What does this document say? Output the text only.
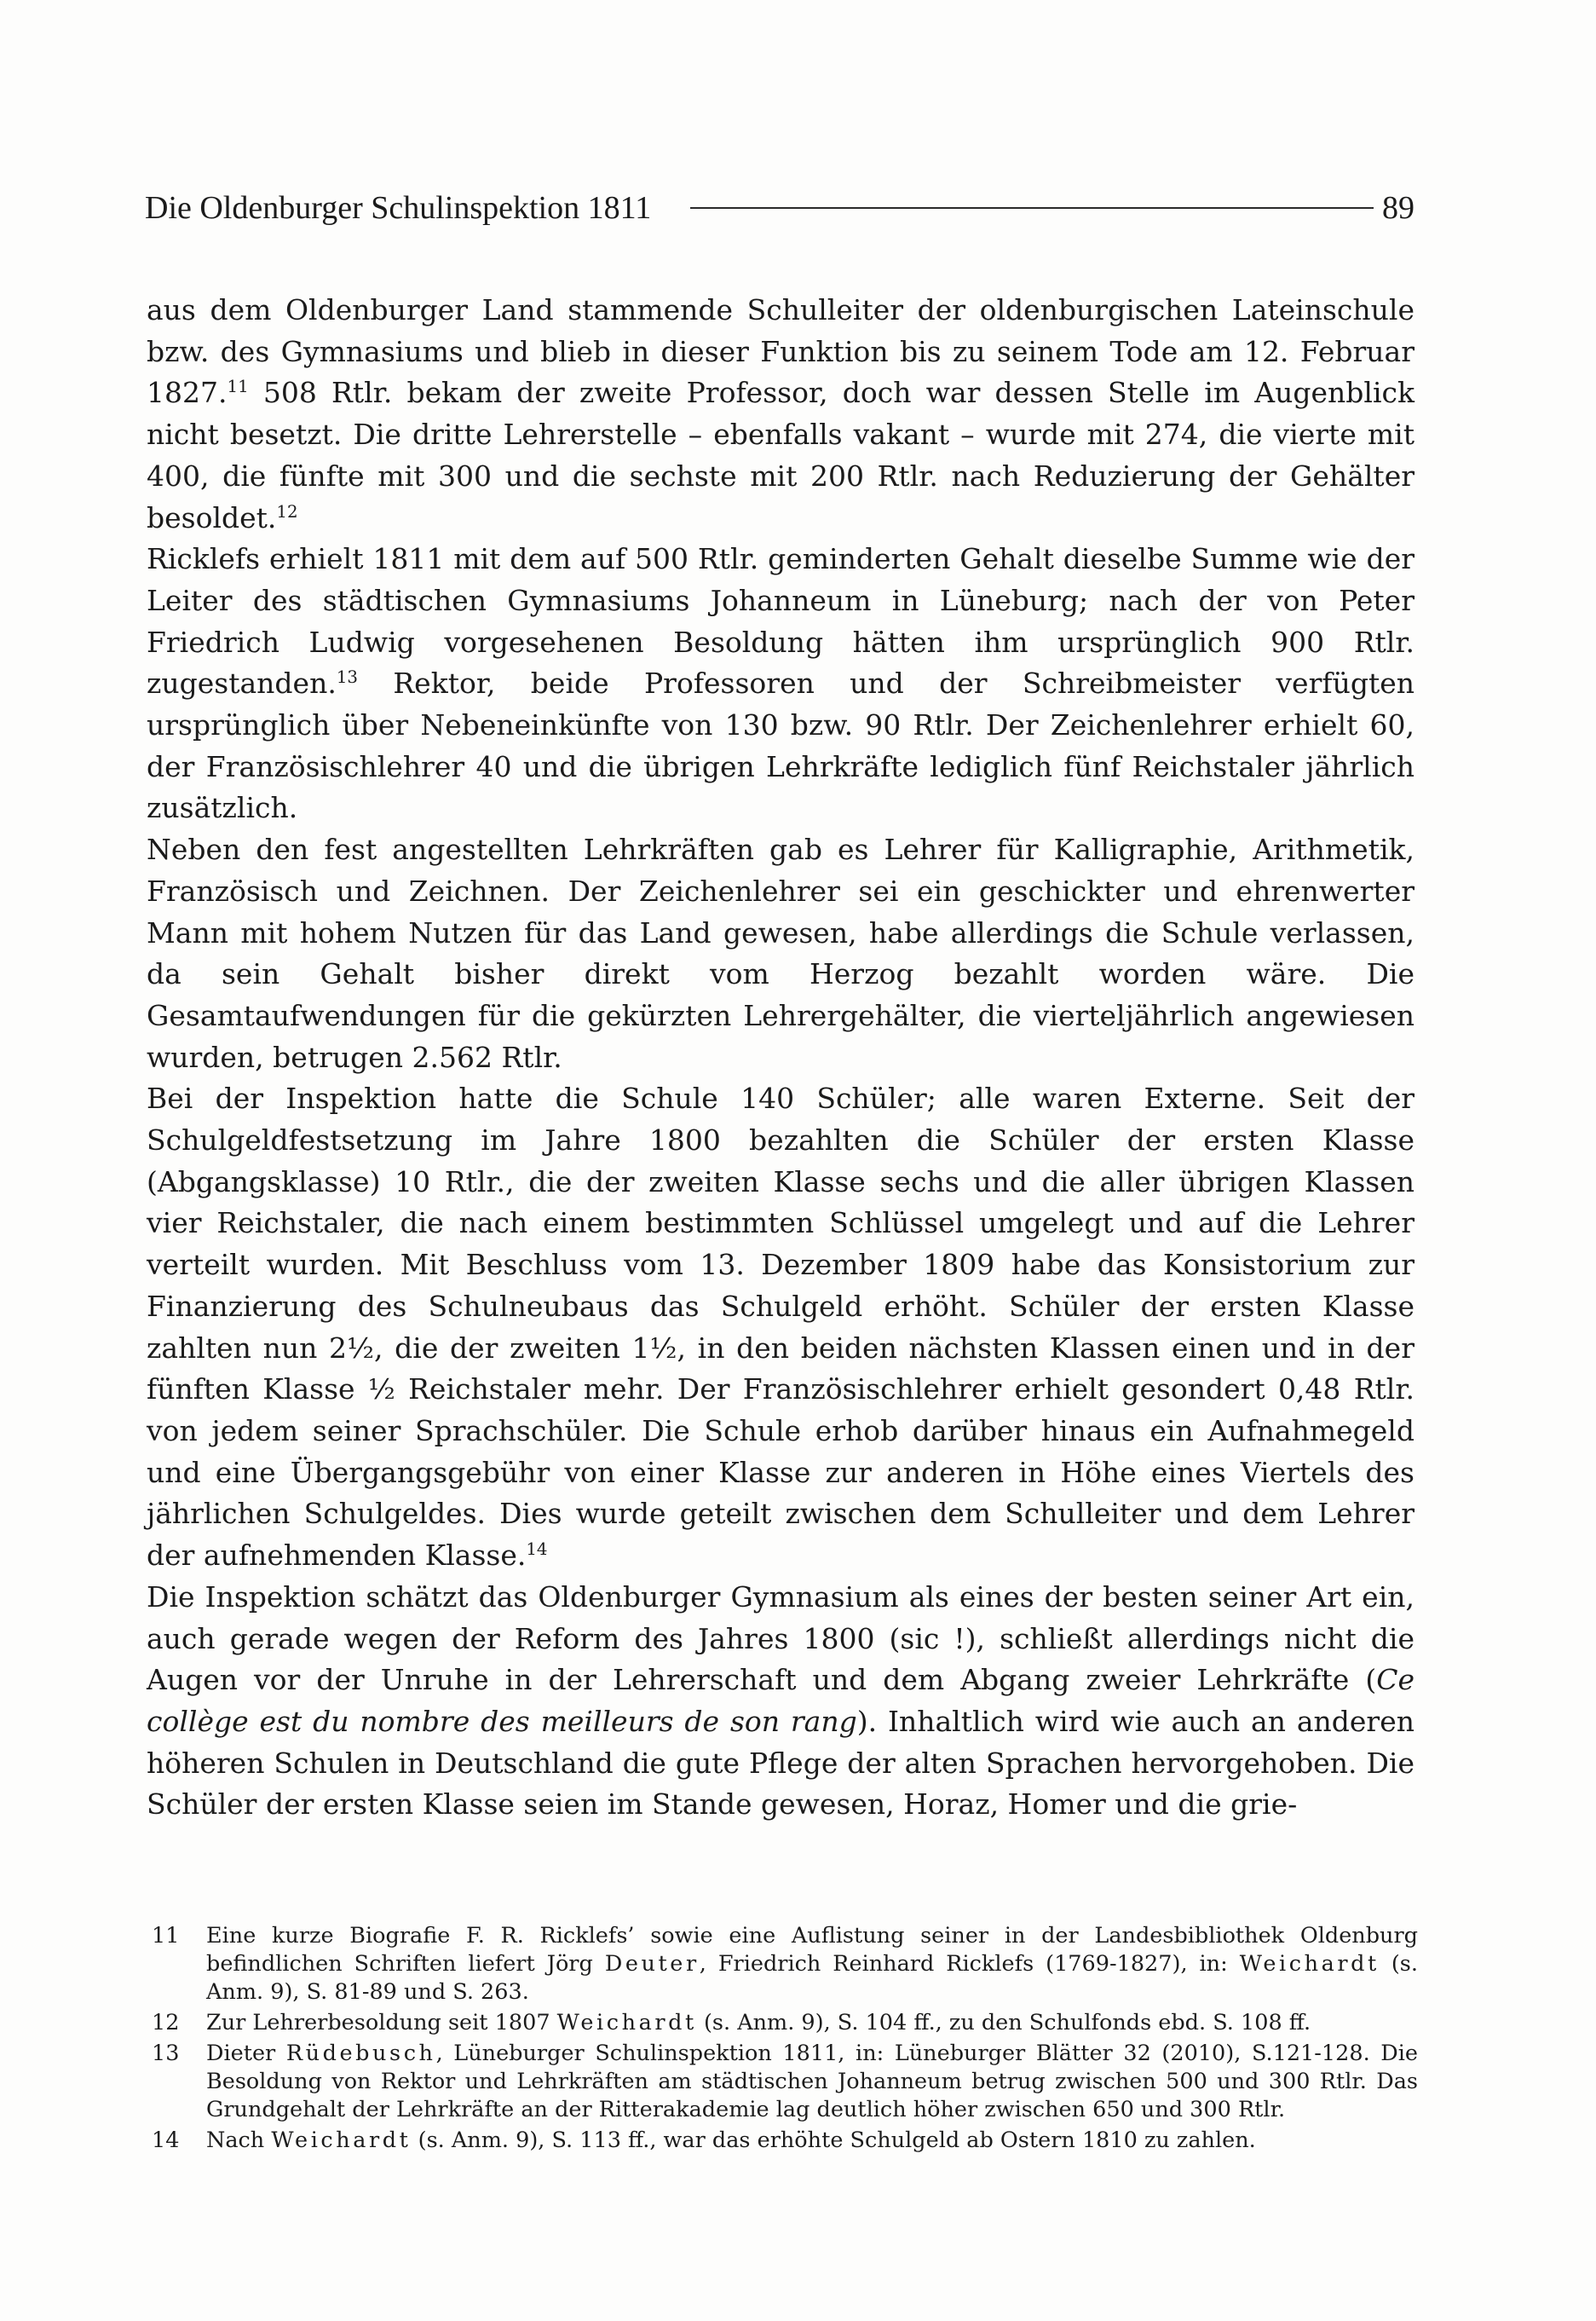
Die Oldenburger Schulinspektion 1811	89

aus dem Oldenburger Land stammende Schulleiter der oldenburgischen Lateinschule bzw. des Gymnasiums und blieb in dieser Funktion bis zu seinem Tode am 12. Februar 1827.11 508 Rtlr. bekam der zweite Professor, doch war dessen Stelle im Augenblick nicht besetzt. Die dritte Lehrerstelle – ebenfalls vakant – wurde mit 274, die vierte mit 400, die fünfte mit 300 und die sechste mit 200 Rtlr. nach Reduzierung der Gehälter besoldet.$^{12}$

Ricklefs erhielt 1811 mit dem auf 500 Rtlr. geminderten Gehalt dieselbe Summe wie der Leiter des städtischen Gymnasiums Johanneum in Lüneburg; nach der von Peter Friedrich Ludwig vorgesehenen Besoldung hätten ihm ursprünglich 900 Rtlr. zugestanden.$^{13}$ Rektor, beide Professoren und der Schreibmeister verfügten ursprünglich über Nebeneinkünfte von 130 bzw. 90 Rtlr. Der Zeichenlehrer erhielt 60, der Französischlehrer 40 und die übrigen Lehrkräfte lediglich fünf Reichstaler jährlich zusätzlich.

Neben den fest angestellten Lehrkräften gab es Lehrer für Kalligraphie, Arithmetik, Französisch und Zeichnen. Der Zeichenlehrer sei ein geschickter und ehrenwerter Mann mit hohem Nutzen für das Land gewesen, habe allerdings die Schule verlassen, da sein Gehalt bisher direkt vom Herzog bezahlt worden wäre. Die Gesamtaufwendungen für die gekürzten Lehrergehälter, die vierteljährlich angewiesen wurden, betrugen 2.562 Rtlr.

Bei der Inspektion hatte die Schule 140 Schüler; alle waren Externe. Seit der Schulgeldfestsetzung im Jahre 1800 bezahlten die Schüler der ersten Klasse (Abgangsklasse) 10 Rtlr., die der zweiten Klasse sechs und die aller übrigen Klassen vier Reichstaler, die nach einem bestimmten Schlüssel umgelegt und auf die Lehrer verteilt wurden. Mit Beschluss vom 13. Dezember 1809 habe das Konsistorium zur Finanzierung des Schulneubaus das Schulgeld erhöht. Schüler der ersten Klasse zahlten nun 2½, die der zweiten 1½, in den beiden nächsten Klassen einen und in der fünften Klasse ½ Reichstaler mehr. Der Französischlehrer erhielt gesondert 0,48 Rtlr. von jedem seiner Sprachschüler. Die Schule erhob darüber hinaus ein Aufnahmegeld und eine Übergangsgebühr von einer Klasse zur anderen in Höhe eines Viertels des jährlichen Schulgeldes. Dies wurde geteilt zwischen dem Schulleiter und dem Lehrer der aufnehmenden Klasse.$^{14}$

Die Inspektion schätzt das Oldenburger Gymnasium als eines der besten seiner Art ein, auch gerade wegen der Reform des Jahres 1800 (sic !), schließt allerdings nicht die Augen vor der Unruhe in der Lehrerschaft und dem Abgang zweier Lehrkräfte (Ce collège est du nombre des meilleurs de son rang). Inhaltlich wird wie auch an anderen höheren Schulen in Deutschland die gute Pflege der alten Sprachen hervorgehoben. Die Schüler der ersten Klasse seien im Stande gewesen, Horaz, Homer und die grie-

11	Eine kurze Biografie F. R. Ricklefs’ sowie eine Auflistung seiner in der Landesbibliothek Oldenburg befindlichen Schriften liefert Jörg Deuter, Friedrich Reinhard Ricklefs (1769-1827), in: Weichardt (s. Anm. 9), S. 81-89 und S. 263.
12	Zur Lehrerbesoldung seit 1807 Weichardt (s. Anm. 9), S. 104 ff., zu den Schulfonds ebd. S. 108 ff.
13	Dieter Rüdebusch, Lüneburger Schulinspektion 1811, in: Lüneburger Blätter 32 (2010), S.121-128. Die Besoldung von Rektor und Lehrkräften am städtischen Johanneum betrug zwischen 500 und 300 Rtlr. Das Grundgehalt der Lehrkräfte an der Ritterakademie lag deutlich höher zwischen 650 und 300 Rtlr.
14	Nach Weichardt (s. Anm. 9), S. 113 ff., war das erhöhte Schulgeld ab Ostern 1810 zu zahlen.
